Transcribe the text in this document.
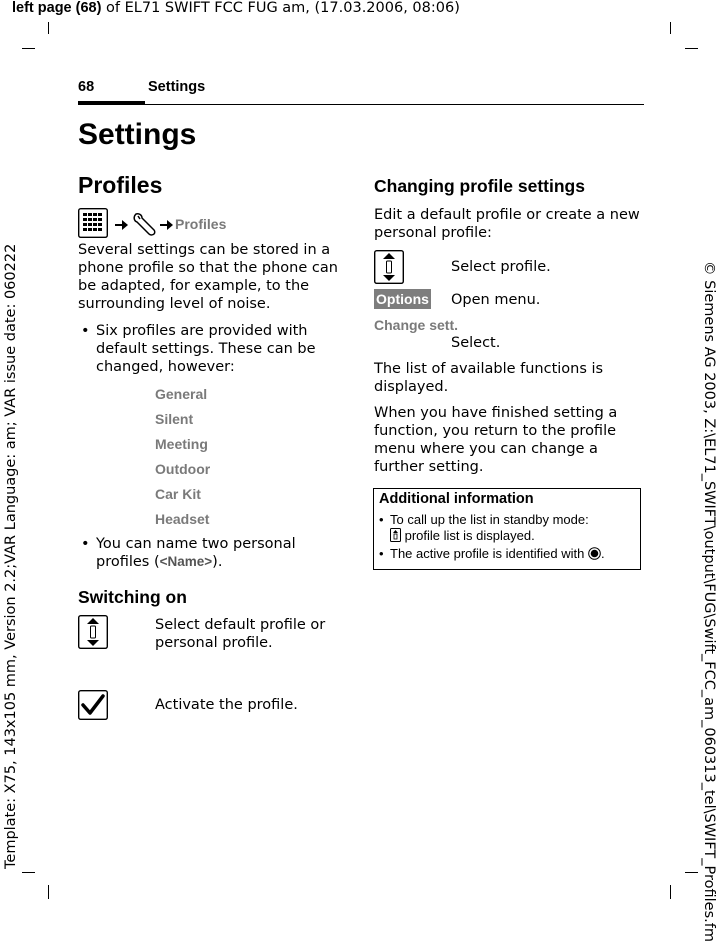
left page (68) of EL71 SWIFT FCC FUG am, (17.03.2006, 08:06)
Template: X75, 143x105 mm, Version 2.2;VAR Language: am; VAR issue date: 060222	© Siemens AG 2003, Z:\EL71_SWIFT\output\FUG\Swift_FCC_am_060313_tel\SWIFT_Profiles.fm
68	Settings
Settings
Profiles
Profiles
Several settings can be stored in a phone profile so that the phone can be adapted, for example, to the surrounding level of noise.
• Six profiles are provided with default settings. These can be changed, however:
General
Silent
Meeting
Outdoor
Car Kit
Headset
• You can name two personal profiles (<Name>).
Switching on
Select default profile or personal profile.
Activate the profile.
Changing profile settings
Edit a default profile or create a new personal profile:
Select profile.
Options Open menu.
Change sett.
Select.
The list of available functions is displayed.
When you have finished setting a function, you return to the profile menu where you can change a further setting.
Additional information
• To call up the list in standby mode:
profile list is displayed.
• The active profile is identified with .
